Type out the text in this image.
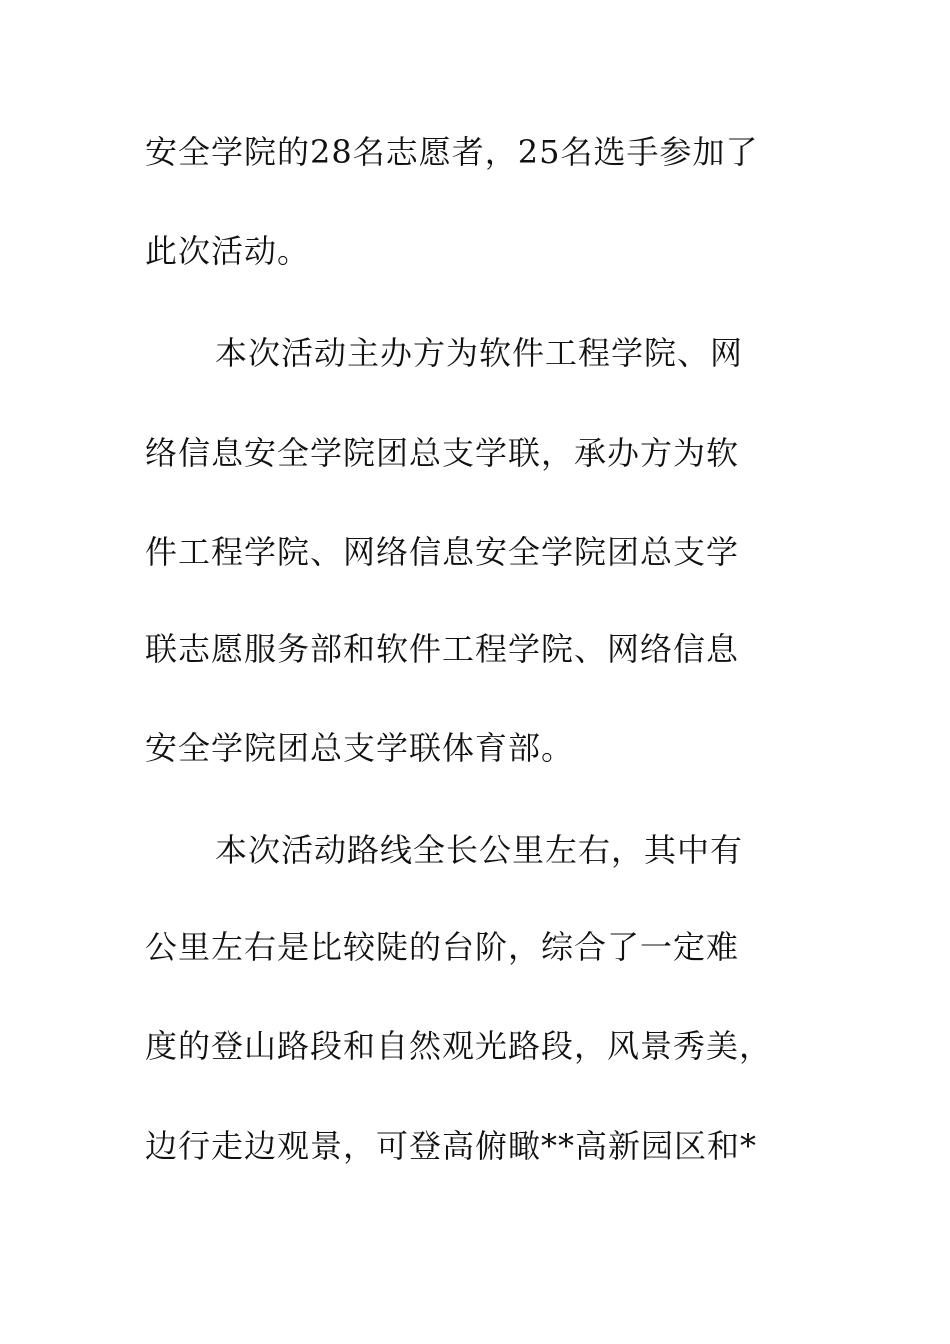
安全学院的28名志愿者，25名选手参加了
此次活动。
本次活动主办方为软件工程学院、网
络信息安全学院团总支学联，承办方为软
件工程学院、网络信息安全学院团总支学
联志愿服务部和软件工程学院、网络信息
安全学院团总支学联体育部。
本次活动路线全长公里左右，其中有
公里左右是比较陡的台阶，综合了一定难
度的登山路段和自然观光路段，风景秀美，
边行走边观景，可登高俯瞰**高新园区和*
